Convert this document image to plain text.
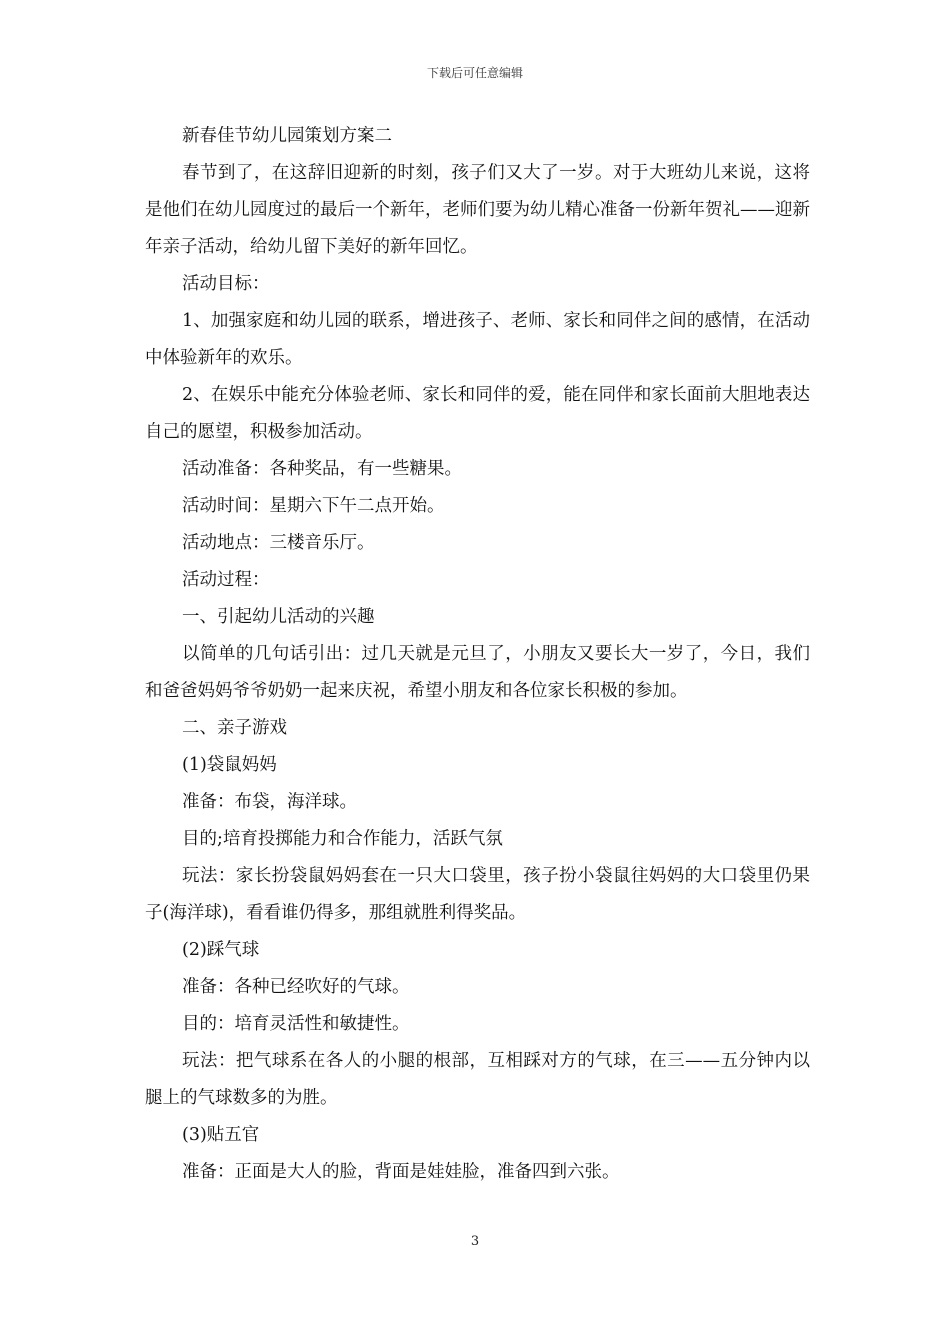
下载后可任意编辑

新春佳节幼儿园策划方案二

春节到了，在这辞旧迎新的时刻，孩子们又大了一岁。对于大班幼儿来说，这将是他们在幼儿园度过的最后一个新年，老师们要为幼儿精心准备一份新年贺礼——迎新年亲子活动，给幼儿留下美好的新年回忆。

活动目标：

1、加强家庭和幼儿园的联系，增进孩子、老师、家长和同伴之间的感情，在活动中体验新年的欢乐。

2、在娱乐中能充分体验老师、家长和同伴的爱，能在同伴和家长面前大胆地表达自己的愿望，积极参加活动。

活动准备：各种奖品，有一些糖果。

活动时间：星期六下午二点开始。

活动地点：三楼音乐厅。

活动过程：

一、引起幼儿活动的兴趣

以简单的几句话引出：过几天就是元旦了，小朋友又要长大一岁了，今日，我们和爸爸妈妈爷爷奶奶一起来庆祝，希望小朋友和各位家长积极的参加。

二、亲子游戏

(1)袋鼠妈妈

准备：布袋，海洋球。

目的;培育投掷能力和合作能力，活跃气氛

玩法：家长扮袋鼠妈妈套在一只大口袋里，孩子扮小袋鼠往妈妈的大口袋里仍果子(海洋球)，看看谁仍得多，那组就胜利得奖品。

(2)踩气球

准备：各种已经吹好的气球。

目的：培育灵活性和敏捷性。

玩法：把气球系在各人的小腿的根部，互相踩对方的气球，在三——五分钟内以腿上的气球数多的为胜。

(3)贴五官

准备：正面是大人的脸，背面是娃娃脸，准备四到六张。

3
